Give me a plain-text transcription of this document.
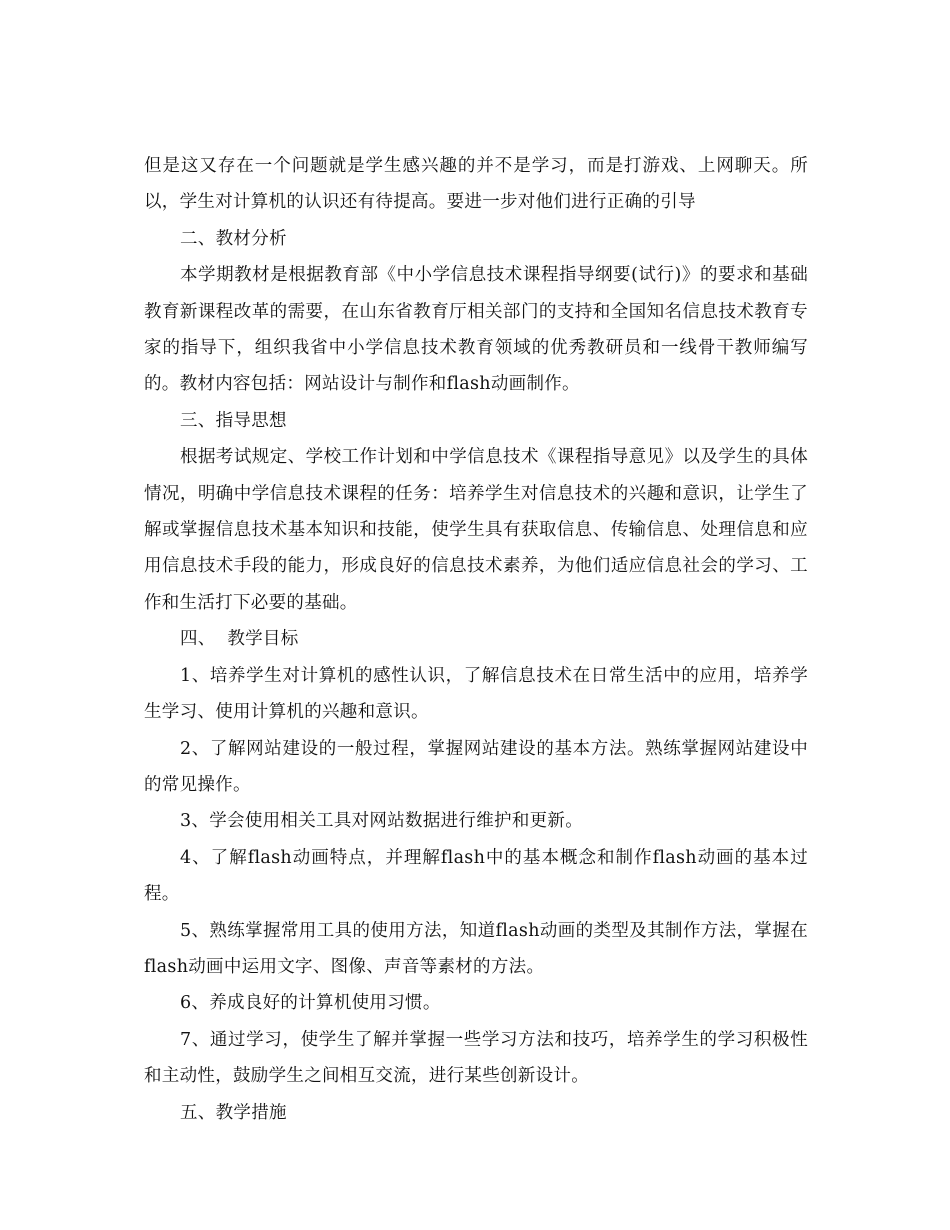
但是这又存在一个问题就是学生感兴趣的并不是学习，而是打游戏、上网聊天。所以，学生对计算机的认识还有待提高。要进一步对他们进行正确的引导

二、教材分析

本学期教材是根据教育部《中小学信息技术课程指导纲要(试行)》的要求和基础教育新课程改革的需要，在山东省教育厅相关部门的支持和全国知名信息技术教育专家的指导下，组织我省中小学信息技术教育领域的优秀教研员和一线骨干教师编写的。教材内容包括：网站设计与制作和flash动画制作。

三、指导思想

根据考试规定、学校工作计划和中学信息技术《课程指导意见》以及学生的具体情况，明确中学信息技术课程的任务：培养学生对信息技术的兴趣和意识，让学生了解或掌握信息技术基本知识和技能，使学生具有获取信息、传输信息、处理信息和应用信息技术手段的能力，形成良好的信息技术素养，为他们适应信息社会的学习、工作和生活打下必要的基础。

四、  教学目标

1、培养学生对计算机的感性认识，了解信息技术在日常生活中的应用，培养学生学习、使用计算机的兴趣和意识。

2、了解网站建设的一般过程，掌握网站建设的基本方法。熟练掌握网站建设中的常见操作。

3、学会使用相关工具对网站数据进行维护和更新。

4、了解flash动画特点，并理解flash中的基本概念和制作flash动画的基本过程。

5、熟练掌握常用工具的使用方法，知道flash动画的类型及其制作方法，掌握在flash动画中运用文字、图像、声音等素材的方法。

6、养成良好的计算机使用习惯。

7、通过学习，使学生了解并掌握一些学习方法和技巧，培养学生的学习积极性和主动性，鼓励学生之间相互交流，进行某些创新设计。

五、教学措施
